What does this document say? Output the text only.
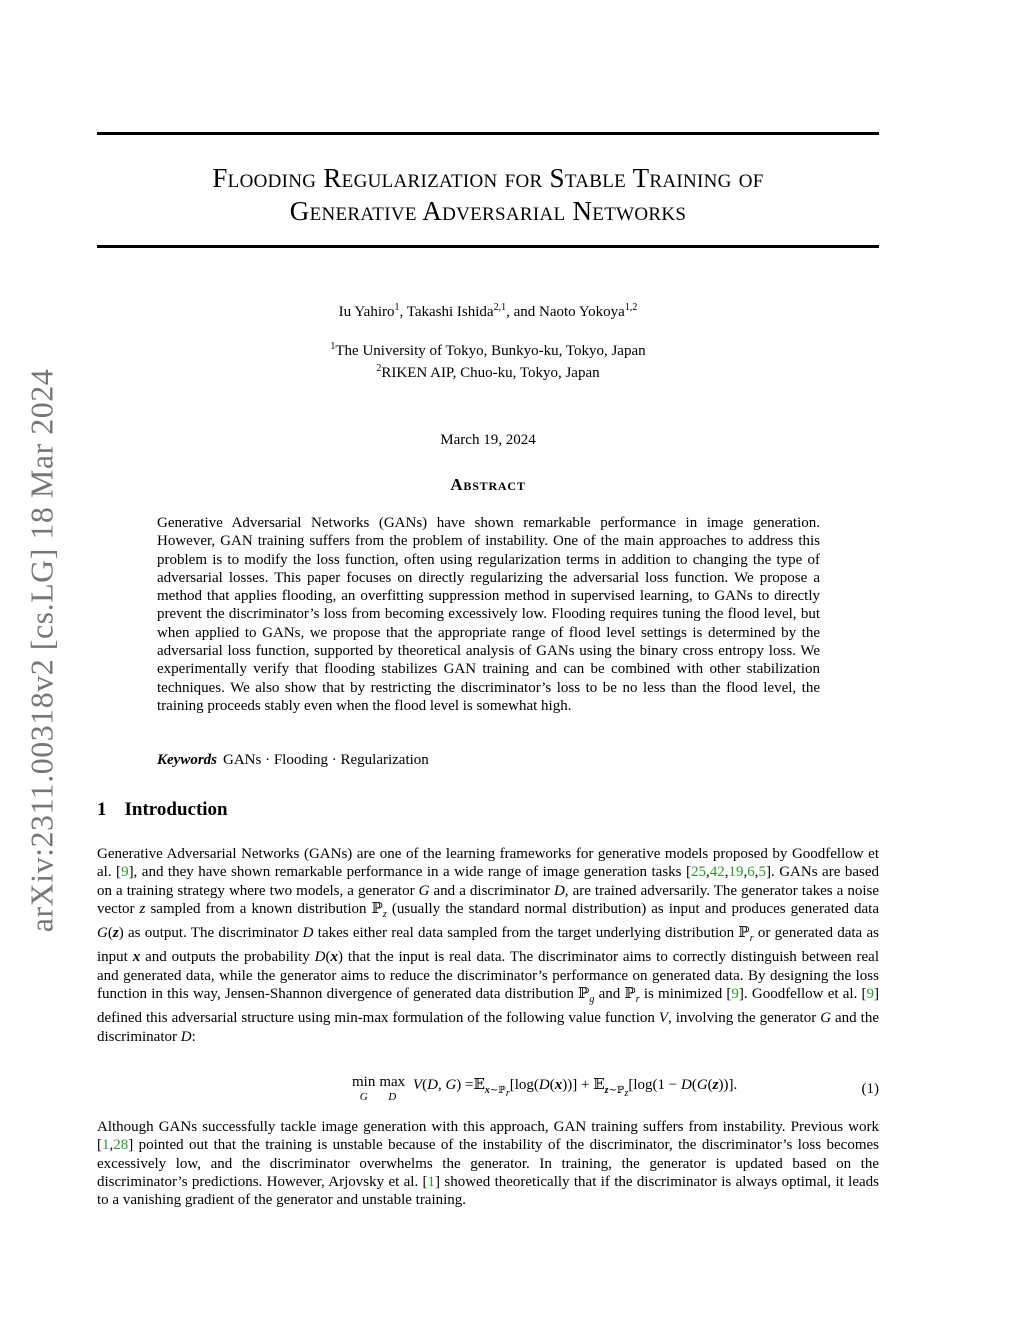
arXiv:2311.00318v2 [cs.LG] 18 Mar 2024
Flooding Regularization for Stable Training of
Generative Adversarial Networks
Iu Yahiro$^1$, Takashi Ishida$^{2,1}$, and Naoto Yokoya$^{1,2}$
$^1$The University of Tokyo, Bunkyo-ku, Tokyo, Japan
$^2$RIKEN AIP, Chuo-ku, Tokyo, Japan
March 19, 2024
Abstract
Generative Adversarial Networks (GANs) have shown remarkable performance in image generation. However, GAN training suffers from the problem of instability. One of the main approaches to address this problem is to modify the loss function, often using regularization terms in addition to changing the type of adversarial losses. This paper focuses on directly regularizing the adversarial loss function. We propose a method that applies flooding, an overfitting suppression method in supervised learning, to GANs to directly prevent the discriminator’s loss from becoming excessively low. Flooding requires tuning the flood level, but when applied to GANs, we propose that the appropriate range of flood level settings is determined by the adversarial loss function, supported by theoretical analysis of GANs using the binary cross entropy loss. We experimentally verify that flooding stabilizes GAN training and can be combined with other stabilization techniques. We also show that by restricting the discriminator’s loss to be no less than the flood level, the training proceeds stably even when the flood level is somewhat high.
Keywords GANs · Flooding · Regularization
1 Introduction
Generative Adversarial Networks (GANs) are one of the learning frameworks for generative models proposed by Goodfellow et al. [9], and they have shown remarkable performance in a wide range of image generation tasks [25,42,19,6,5]. GANs are based on a training strategy where two models, a generator G and a discriminator D, are trained adversarily. The generator takes a noise vector z sampled from a known distribution ℙ$_z$ (usually the standard normal distribution) as input and produces generated data G(z) as output. The discriminator D takes either real data sampled from the target underlying distribution ℙ$_r$ or generated data as input x and outputs the probability D(x) that the input is real data. The discriminator aims to correctly distinguish between real and generated data, while the generator aims to reduce the discriminator’s performance on generated data. By designing the loss function in this way, Jensen-Shannon divergence of generated data distribution ℙ$_g$ and ℙ$_r$ is minimized [9]. Goodfellow et al. [9] defined this adversarial structure using min-max formulation of the following value function V, involving the generator G and the discriminator D:
min
G
max
D
V(D, G) =𝔼$_{x\sim ℙ_r}$[log(D(x))] + 𝔼$_{z\sim ℙ_z}$[log(1 − D(G(z))].	(1)
Although GANs successfully tackle image generation with this approach, GAN training suffers from instability. Previous work [1,28] pointed out that the training is unstable because of the instability of the discriminator, the discriminator’s loss becomes excessively low, and the discriminator overwhelms the generator. In training, the generator is updated based on the discriminator’s predictions. However, Arjovsky et al. [1] showed theoretically that if the discriminator is always optimal, it leads to a vanishing gradient of the generator and unstable training.
